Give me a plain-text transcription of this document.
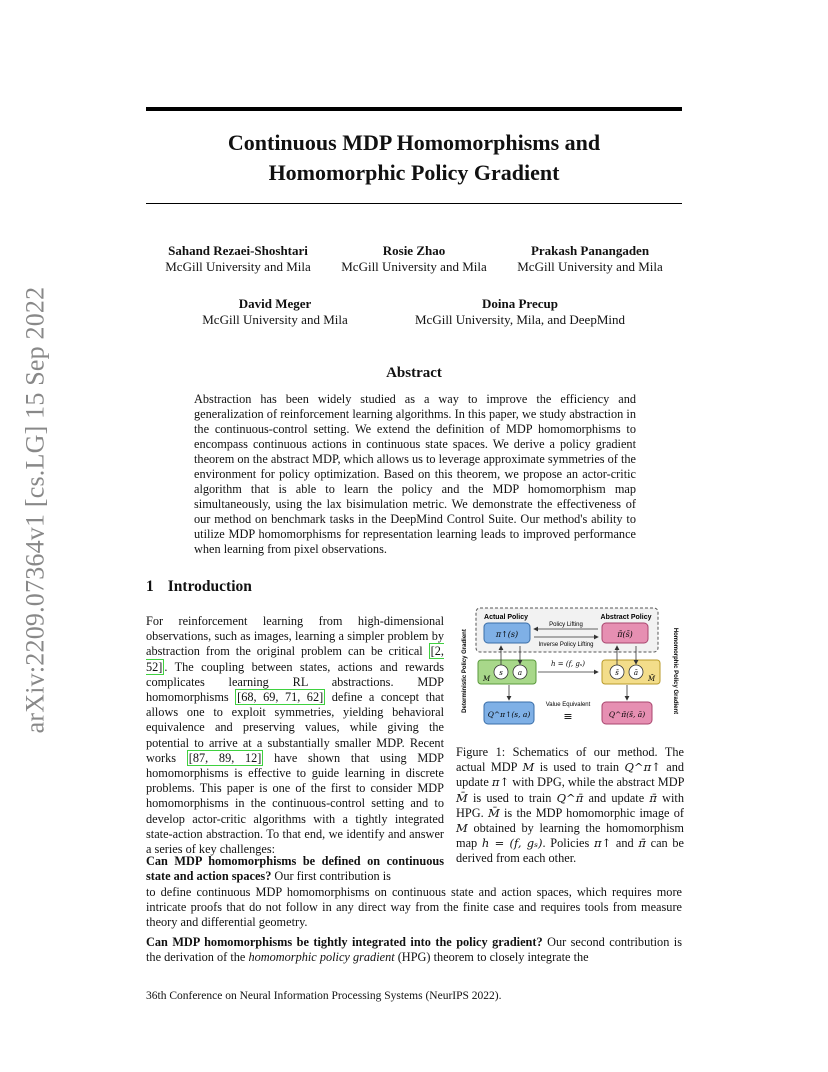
arXiv:2209.07364v1 [cs.LG] 15 Sep 2022
Continuous MDP Homomorphisms and
Homomorphic Policy Gradient
Sahand Rezaei-Shoshtari
McGill University and Mila
Rosie Zhao
McGill University and Mila
Prakash Panangaden
McGill University and Mila
David Meger
McGill University and Mila
Doina Precup
McGill University, Mila, and DeepMind
Abstract

Abstraction has been widely studied as a way to improve the efficiency and generalization of reinforcement learning algorithms. In this paper, we study abstraction in the continuous-control setting. We extend the definition of MDP homomorphisms to encompass continuous actions in continuous state spaces. We derive a policy gradient theorem on the abstract MDP, which allows us to leverage approximate symmetries of the environment for policy optimization. Based on this theorem, we propose an actor-critic algorithm that is able to learn the policy and the MDP homomorphism map simultaneously, using the lax bisimulation metric. We demonstrate the effectiveness of our method on benchmark tasks in the DeepMind Control Suite. Our method's ability to utilize MDP homomorphisms for representation learning leads to improved performance when learning from pixel observations.

1 Introduction

For reinforcement learning from high-dimensional observations, such as images, learning a simpler problem by abstraction from the original problem can be critical [2, 52] . The coupling between states, actions and rewards complicates learning RL abstractions. MDP homomorphisms [68, 69, 71, 62] define a concept that allows one to exploit symmetries, yielding behavioral equivalence and preserving values, while giving the potential to arrive at a substantially smaller MDP. Recent works [87, 89, 12] have shown that using MDP homomorphisms is effective to guide learning in discrete problems. This paper is one of the first to consider MDP homomorphisms in the continuous-control setting and to develop actor-critic algorithms with a tightly integrated state-action abstraction. To that end, we identify and answer a series of key challenges:

Can MDP homomorphisms be defined on continuous state and action spaces? Our first contribution is

to define continuous MDP homomorphisms on continuous state and action spaces, which requires more intricate proofs that do not follow in any direct way from the finite case and requires tools from measure theory and differential geometry.

Can MDP homomorphisms be tightly integrated into the policy gradient? Our second contribution is the derivation of the homomorphic policy gradient (HPG) theorem to closely integrate the

Actual Policy	Abstract Policy
π↑(s)	π̄(s̄)
Policy Lifting
Inverse Policy Lifting
Deterministic Policy Gradient	Homomorphic Policy Gradient
M
s a
M̄
s̄ ā
h = (f, gₛ)
Q^π↑(s, a)	Q^π̄(s̄, ā)
Value Equivalent
≡

Figure 1: Schematics of our method. The actual MDP M is used to train Q^π↑ and update π↑ with DPG, while the abstract MDP M̄ is used to train Q^π̄ and update π̄ with HPG. M̄ is the MDP homomorphic image of M obtained by learning the homomorphism map h = (f, gₛ). Policies π↑ and π̄ can be derived from each other.

36th Conference on Neural Information Processing Systems (NeurIPS 2022).
